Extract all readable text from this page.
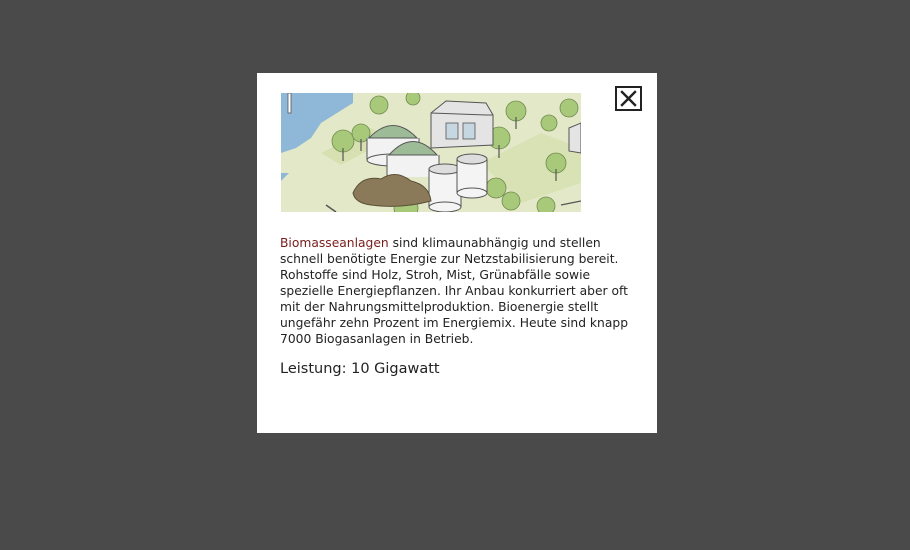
Biomasseanlagen sind klimaunabhängig und stellen schnell benötigte Energie zur Netzstabilisierung bereit. Rohstoffe sind Holz, Stroh, Mist, Grünabfälle sowie spezielle Energiepflanzen. Ihr Anbau konkurriert aber oft mit der Nahrungsmittelproduktion. Bioenergie stellt ungefähr zehn Prozent im Energiemix. Heute sind knapp 7000 Biogasanlagen in Betrieb.

Leistung: 10 Gigawatt
